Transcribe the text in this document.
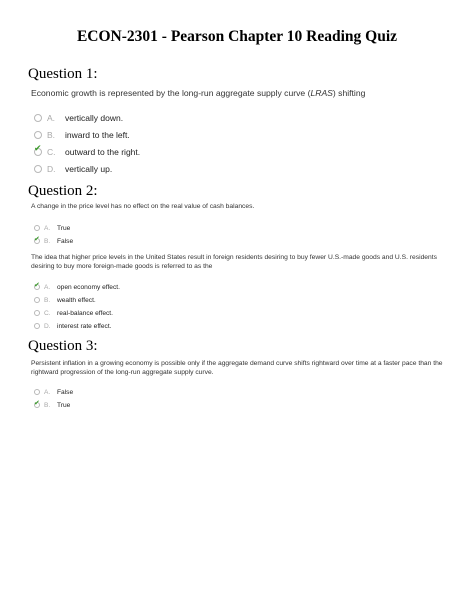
ECON-2301 - Pearson Chapter 10 Reading Quiz
Question 1:
Economic growth is represented by the long-run aggregate supply curve (LRAS) shifting
A.	vertically down.
B.	inward to the left.
✔ C.	outward to the right.
D.	vertically up.
Question 2:
A change in the price level has no effect on the real value of cash balances.
A.	True
✔ B.	False
The idea that higher price levels in the United States result in foreign residents desiring to buy fewer U.S.-made goods and U.S. residents desiring to buy more foreign-made goods is referred to as the
✔ A.	open economy effect.
B.	wealth effect.
C. real-balance effect.
D. interest rate effect.
Question 3:
Persistent inflation in a growing economy is possible only if the aggregate demand curve shifts rightward over time at a faster pace than the rightward progression of the long-run aggregate supply curve.
A.	False
✔ B.	True
